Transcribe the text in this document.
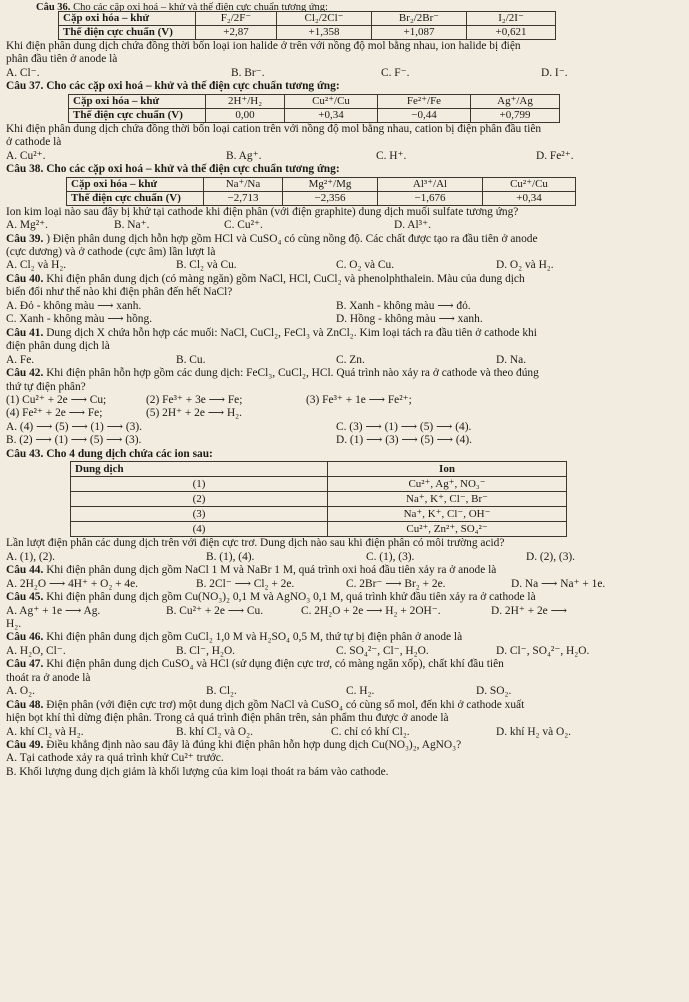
Câu 36. Cho các cặp oxi hoá – khử và thế điện cực chuẩn tương ứng:

Cặp oxi hóa – khử	F₂/2F⁻	Cl₂/2Cl⁻	Br₂/2Br⁻	I₂/2I⁻
Thế điện cực chuẩn (V)	+2,87	+1,358	+1,087	+0,621

Khi điện phân dung dịch chứa đồng thời bốn loại ion halide ở trên với nồng độ mol bằng nhau, ion halide bị điện

phân đầu tiên ở anode là

A. Cl⁻.	B. Br⁻.	C. F⁻.	D. I⁻.

Câu 37. Cho các cặp oxi hoá – khử và thế điện cực chuẩn tương ứng:

Cặp oxi hóa – khử	2H⁺/H₂	Cu²⁺/Cu	Fe²⁺/Fe	Ag⁺/Ag
Thế điện cực chuẩn (V)	0,00	+0,34	−0,44	+0,799

Khi điện phân dung dịch chứa đồng thời bốn loại cation trên với nồng độ mol bằng nhau, cation bị điện phân đầu tiên

ở cathode là

A. Cu²⁺.	B. Ag⁺.	C. H⁺.	D. Fe²⁺.

Câu 38. Cho các cặp oxi hoá – khử và thế điện cực chuẩn tương ứng:

Cặp oxi hóa – khử	Na⁺/Na	Mg²⁺/Mg	Al³⁺/Al	Cu²⁺/Cu
Thế điện cực chuẩn (V)	−2,713	−2,356	−1,676	+0,34

Ion kim loại nào sau đây bị khử tại cathode khi điện phân (với điện graphite) dung dịch muối sulfate tương ứng?

A. Mg²⁺.	B. Na⁺.	C. Cu²⁺.	D. Al³⁺.

Câu 39. ) Điện phân dung dịch hỗn hợp gồm HCl và CuSO₄ có cùng nồng độ. Các chất được tạo ra đầu tiên ở anode

(cực dương) và ở cathode (cực âm) lần lượt là

A. Cl₂ và H₂.	B. Cl₂ và Cu.	C. O₂ và Cu.	D. O₂ và H₂.

Câu 40. Khi điện phân dung dịch (có màng ngăn) gồm NaCl, HCl, CuCl₂ và phenolphthalein. Màu của dung dịch

biến đổi như thế nào khi điện phân đến hết NaCl?

A. Đỏ - không màu ⟶ xanh.	B. Xanh - không màu ⟶ đỏ.
C. Xanh - không màu ⟶ hồng.	D. Hồng - không màu ⟶ xanh.

Câu 41. Dung dịch X chứa hỗn hợp các muối: NaCl, CuCl₂, FeCl₃ và ZnCl₂. Kim loại tách ra đầu tiên ở cathode khi

điện phân dung dịch là

A. Fe.	B. Cu.	C. Zn.	D. Na.

Câu 42. Khi điện phân hỗn hợp gồm các dung dịch: FeCl₃, CuCl₂, HCl. Quá trình nào xảy ra ở cathode và theo đúng

thứ tự điện phân?

(1) Cu²⁺ + 2e ⟶ Cu;	(2) Fe³⁺ + 3e ⟶ Fe;	(3) Fe³⁺ + 1e ⟶ Fe²⁺;
(4) Fe²⁺ + 2e ⟶ Fe;	(5) 2H⁺ + 2e ⟶ H₂.
A. (4) ⟶ (5) ⟶ (1) ⟶ (3).	C. (3) ⟶ (1) ⟶ (5) ⟶ (4).
B. (2) ⟶ (1) ⟶ (5) ⟶ (3).	D. (1) ⟶ (3) ⟶ (5) ⟶ (4).

Câu 43. Cho 4 dung dịch chứa các ion sau:

Dung dịch	Ion
(1)	Cu²⁺, Ag⁺, NO₃⁻
(2)	Na⁺, K⁺, Cl⁻, Br⁻
(3)	Na⁺, K⁺, Cl⁻, OH⁻
(4)	Cu²⁺, Zn²⁺, SO₄²⁻

Lần lượt điện phân các dung dịch trên với điện cực trơ. Dung dịch nào sau khi điện phân có môi trường acid?

A. (1), (2).	B. (1), (4).	C. (1), (3).	D. (2), (3).

Câu 44. Khi điện phân dung dịch gồm NaCl 1 M và NaBr 1 M, quá trình oxi hoá đầu tiên xảy ra ở anode là

A. 2H₂O ⟶ 4H⁺ + O₂ + 4e.	B. 2Cl⁻ ⟶ Cl₂ + 2e.	C. 2Br⁻ ⟶ Br₂ + 2e.	D. Na ⟶ Na⁺ + 1e.

Câu 45. Khi điện phân dung dịch gồm Cu(NO₃)₂ 0,1 M và AgNO₃ 0,1 M, quá trình khử đầu tiên xảy ra ở cathode là

A. Ag⁺ + 1e ⟶ Ag.	B. Cu²⁺ + 2e ⟶ Cu.	C. 2H₂O + 2e ⟶ H₂ + 2OH⁻.	D. 2H⁺ + 2e ⟶

H₂.

Câu 46. Khi điện phân dung dịch gồm CuCl₂ 1,0 M và H₂SO₄ 0,5 M, thứ tự bị điện phân ở anode là

A. H₂O, Cl⁻.	B. Cl⁻, H₂O.	C. SO₄²⁻, Cl⁻, H₂O.	D. Cl⁻, SO₄²⁻, H₂O.

Câu 47. Khi điện phân dung dịch CuSO₄ và HCl (sử dụng điện cực trơ, có màng ngăn xốp), chất khí đầu tiên

thoát ra ở anode là

A. O₂.	B. Cl₂.	C. H₂.	D. SO₂.

Câu 48. Điện phân (với điện cực trơ) một dung dịch gồm NaCl và CuSO₄ có cùng số mol, đến khi ở cathode xuất

hiện bọt khí thì dừng điện phân. Trong cả quá trình điện phân trên, sản phẩm thu được ở anode là

A. khí Cl₂ và H₂.	B. khí Cl₂ và O₂.	C. chỉ có khí Cl₂.	D. khí H₂ và O₂.

Câu 49. Điều khẳng định nào sau đây là đúng khi điện phân hỗn hợp dung dịch Cu(NO₃)₂, AgNO₃?

A. Tại cathode xảy ra quá trình khử Cu²⁺ trước.

B. Khối lượng dung dịch giảm là khối lượng của kim loại thoát ra bám vào cathode.
